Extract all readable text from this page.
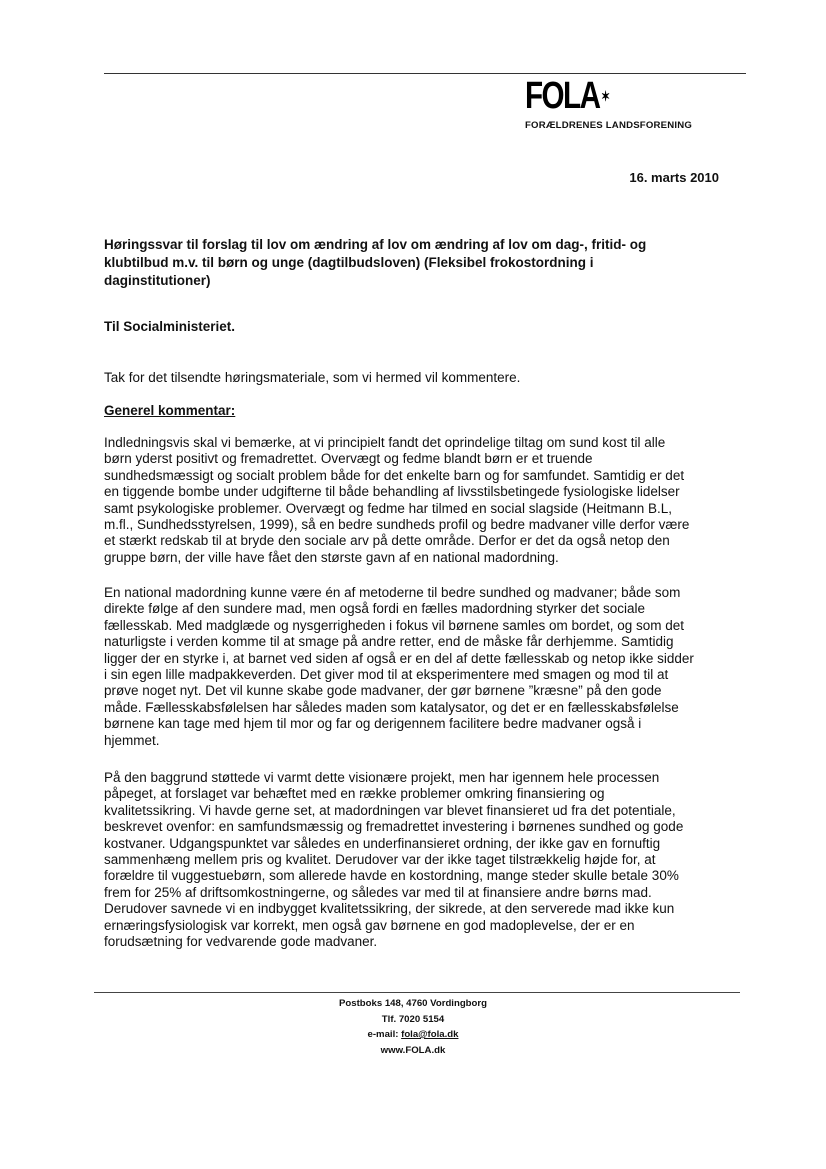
FOLA ✶
FORÆLDRENES LANDSFORENING
16. marts 2010
Høringssvar til forslag til lov om ændring af lov om ændring af lov om dag-, fritid- og
klubtilbud m.v. til børn og unge (dagtilbudsloven) (Fleksibel frokostordning i
daginstitutioner)
Til Socialministeriet.
Tak for det tilsendte høringsmateriale, som vi hermed vil kommentere.
Generel kommentar:
Indledningsvis skal vi bemærke, at vi principielt fandt det oprindelige tiltag om sund kost til alle
børn yderst positivt og fremadrettet. Overvægt og fedme blandt børn er et truende
sundhedsmæssigt og socialt problem både for det enkelte barn og for samfundet. Samtidig er det
en tiggende bombe under udgifterne til både behandling af livsstilsbetingede fysiologiske lidelser
samt psykologiske problemer. Overvægt og fedme har tilmed en social slagside (Heitmann B.L,
m.fl., Sundhedsstyrelsen, 1999), så en bedre sundheds profil og bedre madvaner ville derfor være
et stærkt redskab til at bryde den sociale arv på dette område. Derfor er det da også netop den
gruppe børn, der ville have fået den største gavn af en national madordning.
En national madordning kunne være én af metoderne til bedre sundhed og madvaner; både som
direkte følge af den sundere mad, men også fordi en fælles madordning styrker det sociale
fællesskab. Med madglæde og nysgerrigheden i fokus vil børnene samles om bordet, og som det
naturligste i verden komme til at smage på andre retter, end de måske får derhjemme. Samtidig
ligger der en styrke i, at barnet ved siden af også er en del af dette fællesskab og netop ikke sidder
i sin egen lille madpakkeverden. Det giver mod til at eksperimentere med smagen og mod til at
prøve noget nyt. Det vil kunne skabe gode madvaner, der gør børnene ”kræsne” på den gode
måde. Fællesskabsfølelsen har således maden som katalysator, og det er en fællesskabsfølelse
børnene kan tage med hjem til mor og far og derigennem facilitere bedre madvaner også i
hjemmet.
På den baggrund støttede vi varmt dette visionære projekt, men har igennem hele processen
påpeget, at forslaget var behæftet med en række problemer omkring finansiering og
kvalitetssikring. Vi havde gerne set, at madordningen var blevet finansieret ud fra det potentiale,
beskrevet ovenfor: en samfundsmæssig og fremadrettet investering i børnenes sundhed og gode
kostvaner. Udgangspunktet var således en underfinansieret ordning, der ikke gav en fornuftig
sammenhæng mellem pris og kvalitet. Derudover var der ikke taget tilstrækkelig højde for, at
forældre til vuggestuebørn, som allerede havde en kostordning, mange steder skulle betale 30%
frem for 25% af driftsomkostningerne, og således var med til at finansiere andre børns mad.
Derudover savnede vi en indbygget kvalitetssikring, der sikrede, at den serverede mad ikke kun
ernæringsfysiologisk var korrekt, men også gav børnene en god madoplevelse, der er en
forudsætning for vedvarende gode madvaner.
Postboks 148, 4760 Vordingborg
Tlf. 7020 5154
e-mail: fola@fola.dk
www.FOLA.dk
